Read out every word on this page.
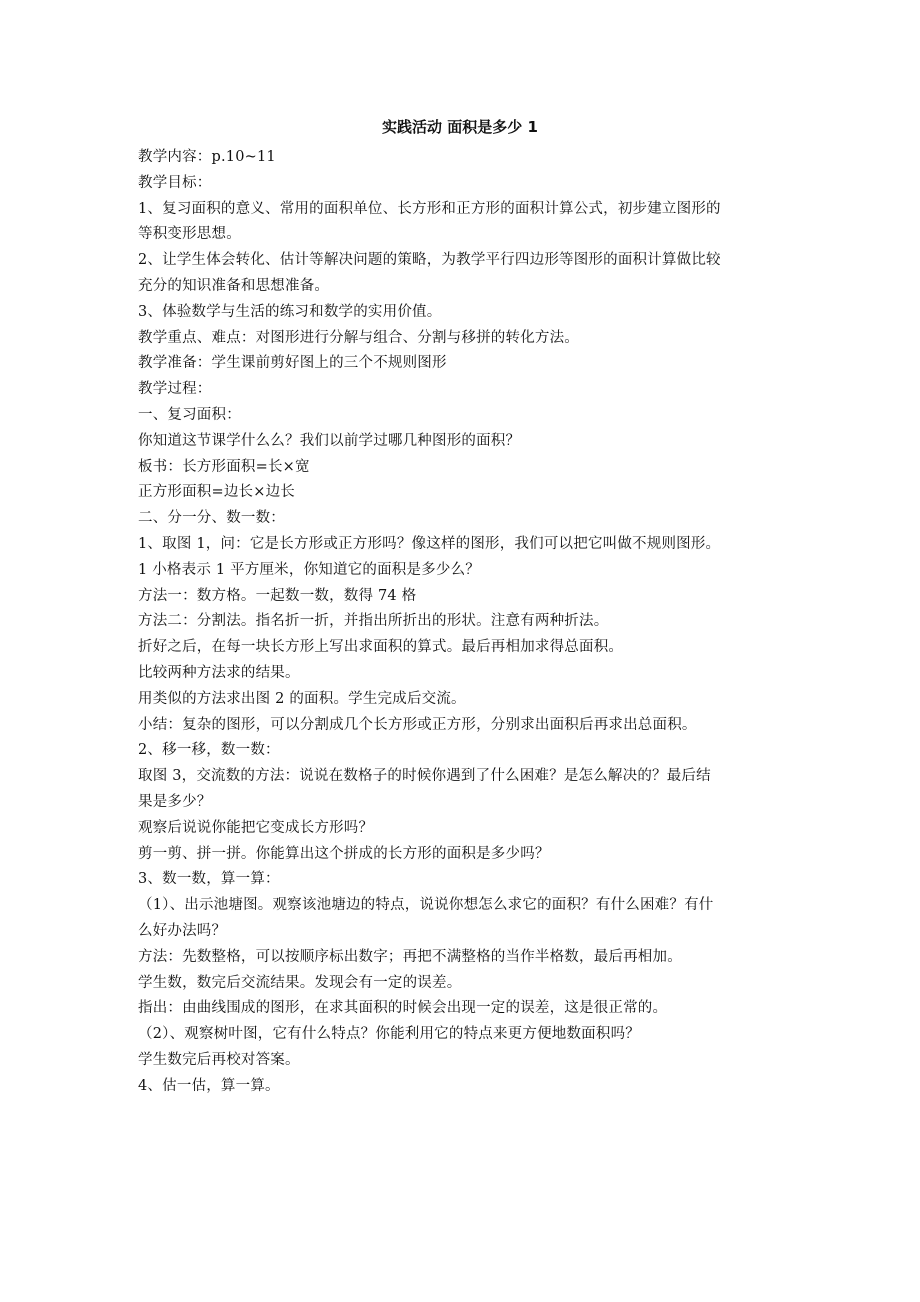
实践活动 面积是多少 1
教学内容：p.10~11
教学目标：
1、复习面积的意义、常用的面积单位、长方形和正方形的面积计算公式，初步建立图形的
等积变形思想。
2、让学生体会转化、估计等解决问题的策略，为教学平行四边形等图形的面积计算做比较
充分的知识准备和思想准备。
3、体验数学与生活的练习和数学的实用价值。
教学重点、难点：对图形进行分解与组合、分割与移拼的转化方法。
教学准备：学生课前剪好图上的三个不规则图形
教学过程：
一、复习面积：
你知道这节课学什么么？我们以前学过哪几种图形的面积？
板书：长方形面积=长×宽
正方形面积=边长×边长
二、分一分、数一数：
1、取图 1，问：它是长方形或正方形吗？像这样的图形，我们可以把它叫做不规则图形。
1 小格表示 1 平方厘米，你知道它的面积是多少么？
方法一：数方格。一起数一数，数得 74 格
方法二：分割法。指名折一折，并指出所折出的形状。注意有两种折法。
折好之后，在每一块长方形上写出求面积的算式。最后再相加求得总面积。
比较两种方法求的结果。
用类似的方法求出图 2 的面积。学生完成后交流。
小结：复杂的图形，可以分割成几个长方形或正方形，分别求出面积后再求出总面积。
2、移一移，数一数：
取图 3，交流数的方法：说说在数格子的时候你遇到了什么困难？是怎么解决的？最后结
果是多少？
观察后说说你能把它变成长方形吗？
剪一剪、拼一拼。你能算出这个拼成的长方形的面积是多少吗？
3、数一数，算一算：
（1）、出示池塘图。观察该池塘边的特点，说说你想怎么求它的面积？有什么困难？有什
么好办法吗？
方法：先数整格，可以按顺序标出数字；再把不满整格的当作半格数，最后再相加。
学生数，数完后交流结果。发现会有一定的误差。
指出：由曲线围成的图形，在求其面积的时候会出现一定的误差，这是很正常的。
（2）、观察树叶图，它有什么特点？你能利用它的特点来更方便地数面积吗？
学生数完后再校对答案。
4、估一估，算一算。
